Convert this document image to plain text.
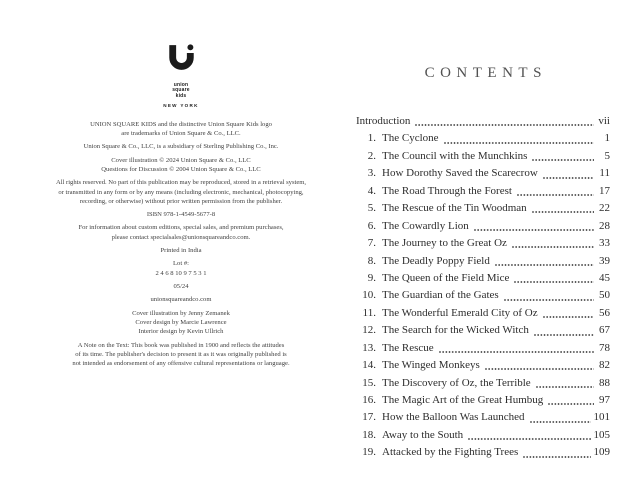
union
square
kids
NEW YORK
UNION SQUARE KIDS and the distinctive Union Square Kids logo
are trademarks of Union Square & Co., LLC.
Union Square & Co., LLC, is a subsidiary of Sterling Publishing Co., Inc.
Cover illustration © 2024 Union Square & Co., LLC
Questions for Discussion © 2004 Union Square & Co., LLC
All rights reserved. No part of this publication may be reproduced, stored in a retrieval system,
or transmitted in any form or by any means (including electronic, mechanical, photocopying,
recording, or otherwise) without prior written permission from the publisher.
ISBN 978-1-4549-5677-8
For information about custom editions, special sales, and premium purchases,
please contact specialsales@unionsquareandco.com.
Printed in India
Lot #:
2 4 6 8 10 9 7 5 3 1
05/24
unionsquareandco.com
Cover illustration by Jenny Zemanek
Cover design by Marcie Lawrence
Interior design by Kevin Ullrich
A Note on the Text: This book was published in 1900 and reflects the attitudes
of its time. The publisher's decision to present it as it was originally published is
not intended as endorsement of any offensive cultural representations or language.
CONTENTS
Introduction	vii
1. The Cyclone	1
2. The Council with the Munchkins	5
3. How Dorothy Saved the Scarecrow	11
4. The Road Through the Forest	17
5. The Rescue of the Tin Woodman	22
6. The Cowardly Lion	28
7. The Journey to the Great Oz	33
8. The Deadly Poppy Field	39
9. The Queen of the Field Mice	45
10. The Guardian of the Gates	50
11. The Wonderful Emerald City of Oz	56
12. The Search for the Wicked Witch	67
13. The Rescue	78
14. The Winged Monkeys	82
15. The Discovery of Oz, the Terrible	88
16. The Magic Art of the Great Humbug	97
17. How the Balloon Was Launched	101
18. Away to the South	105
19. Attacked by the Fighting Trees	109
